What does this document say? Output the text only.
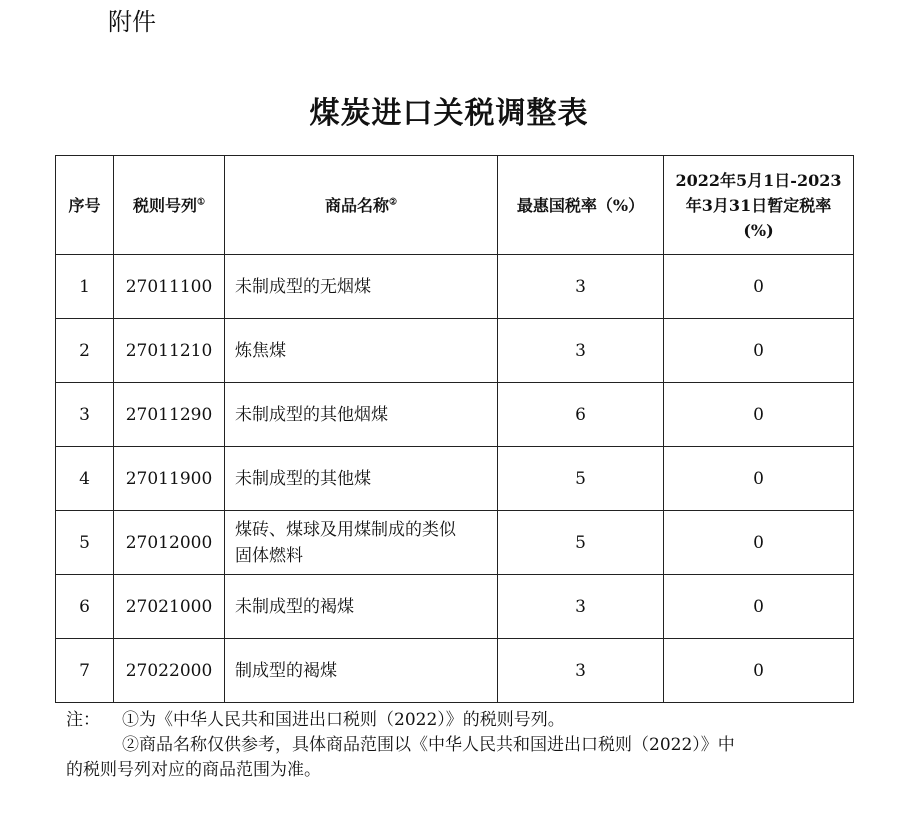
附件
煤炭进口关税调整表
序号	税则号列①	商品名称②	最惠国税率（%）	2022年5月1日-2023
年3月31日暂定税率
(%)

1	27011100	未制成型的无烟煤	3	0
2	27011210	炼焦煤	3	0
3	27011290	未制成型的其他烟煤	6	0
4	27011900	未制成型的其他煤	5	0
5	27012000	煤砖、煤球及用煤制成的类似
固体燃料	5	0
6	27021000	未制成型的褐煤	3	0
7	27022000	制成型的褐煤	3	0
注：	①为《中华人民共和国进出口税则（2022）》的税则号列。
②商品名称仅供参考，具体商品范围以《中华人民共和国进出口税则（2022）》中
的税则号列对应的商品范围为准。
